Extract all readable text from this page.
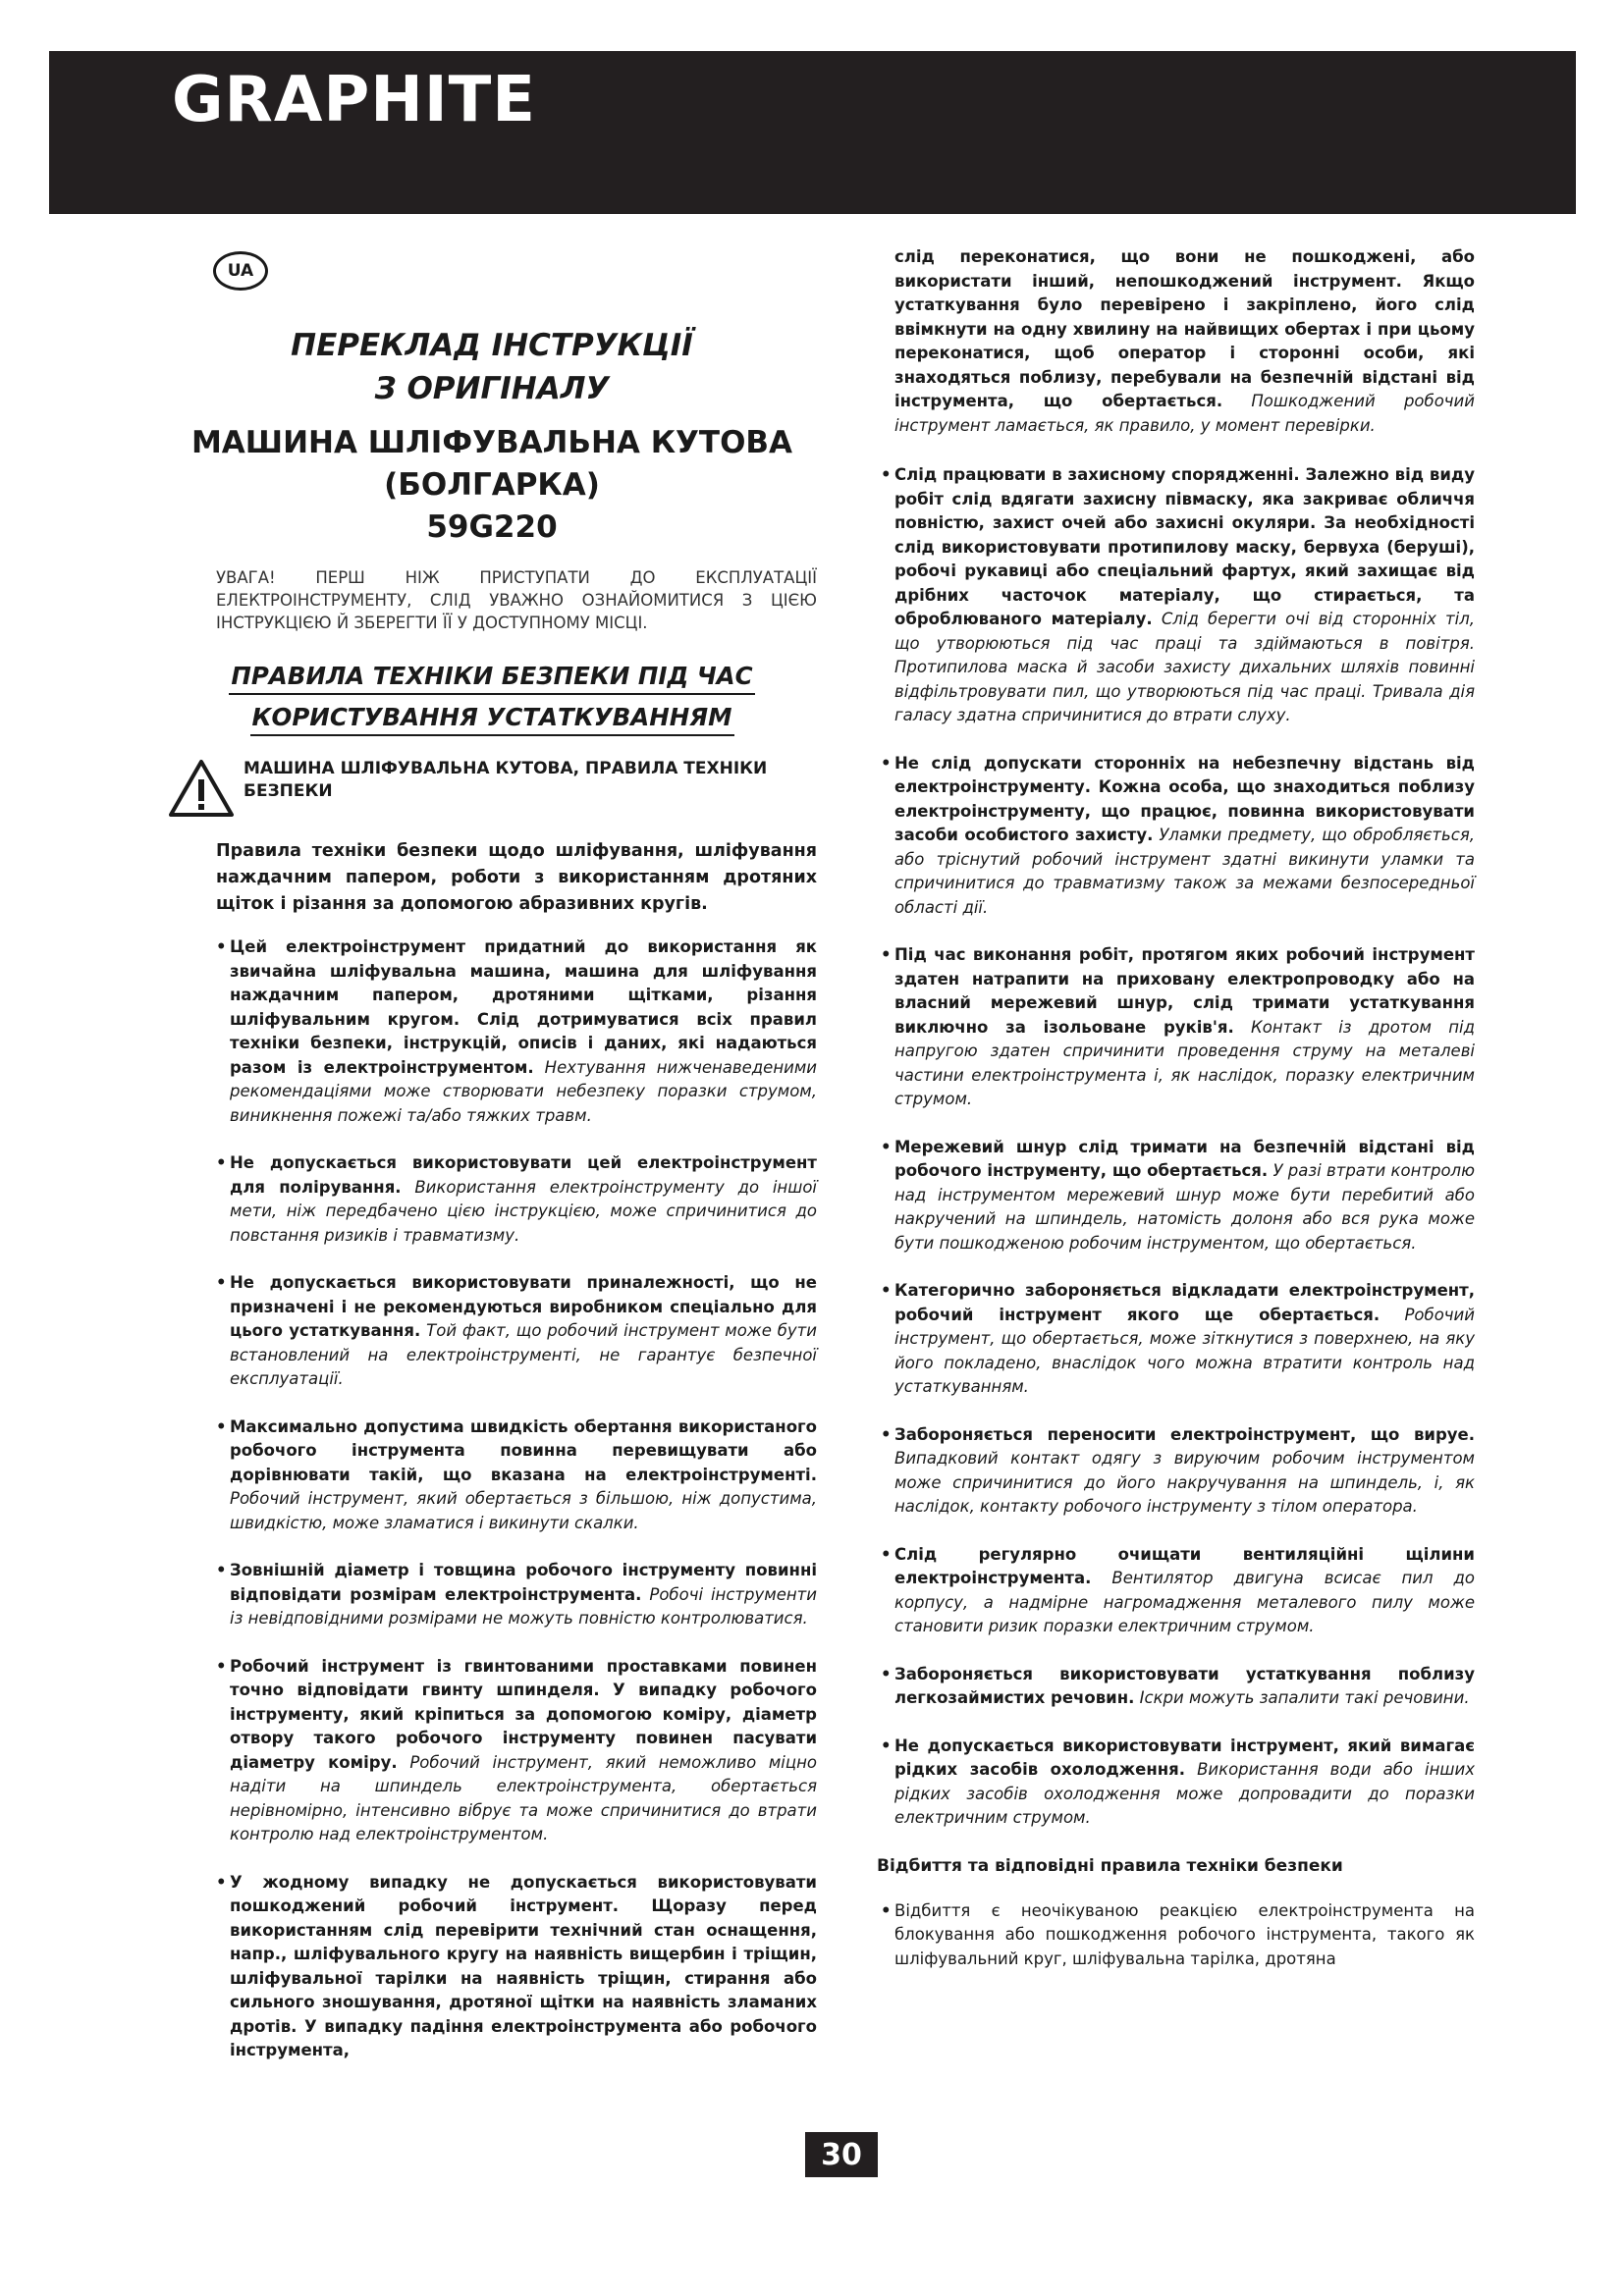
GRAPHITE
UA
ПЕРЕКЛАД ІНСТРУКЦІЇ
З ОРИГІНАЛУ
МАШИНА ШЛІФУВАЛЬНА КУТОВА
(БОЛГАРКА)
59G220
УВАГА! ПЕРШ НІЖ ПРИСТУПАТИ ДО ЕКСПЛУАТАЦІЇ ЕЛЕКТРОІНСТРУМЕНТУ, СЛІД УВАЖНО ОЗНАЙОМИТИСЯ З ЦІЄЮ ІНСТРУКЦІЄЮ Й ЗБЕРЕГТИ ЇЇ У ДОСТУПНОМУ МІСЦІ.
ПРАВИЛА ТЕХНІКИ БЕЗПЕКИ ПІД ЧАС
КОРИСТУВАННЯ УСТАТКУВАННЯМ
МАШИНА ШЛІФУВАЛЬНА КУТОВА, ПРАВИЛА ТЕХНІКИ БЕЗПЕКИ
Правила техніки безпеки щодо шліфування, шліфування наждачним папером, роботи з використанням дротяних щіток і різання за допомогою абразивних кругів.
• Цей електроінструмент придатний до використання як звичайна шліфувальна машина, машина для шліфування наждачним папером, дротяними щітками, різання шліфувальним кругом. Слід дотримуватися всіх правил техніки безпеки, інструкцій, описів і даних, які надаються разом із електроінструментом. Нехтування нижченаведеними рекомендаціями може створювати небезпеку поразки струмом, виникнення пожежі та/або тяжких травм.
• Не допускається використовувати цей електроінструмент для полірування. Використання електроінструменту до іншої мети, ніж передбачено цією інструкцією, може спричинитися до повстання ризиків і травматизму.
• Не допускається використовувати приналежності, що не призначені і не рекомендуються виробником спеціально для цього устаткування. Той факт, що робочий інструмент може бути встановлений на електроінструменті, не гарантує безпечної експлуатації.
• Максимально допустима швидкість обертання використаного робочого інструмента повинна перевищувати або дорівнювати такій, що вказана на електроінструменті. Робочий інструмент, який обертається з більшою, ніж допустима, швидкістю, може зламатися і викинути скалки.
• Зовнішній діаметр і товщина робочого інструменту повинні відповідати розмірам електроінструмента. Робочі інструменти із невідповідними розмірами не можуть повністю контролюватися.
• Робочий інструмент із гвинтованими проставками повинен точно відповідати гвинту шпинделя. У випадку робочого інструменту, який кріпиться за допомогою коміру, діаметр отвору такого робочого інструменту повинен пасувати діаметру коміру. Робочий інструмент, який неможливо міцно надіти на шпиндель електроінструмента, обертається нерівномірно, інтенсивно вібрує та може спричинитися до втрати контролю над електроінструментом.
• У жодному випадку не допускається використовувати пошкоджений робочий інструмент. Щоразу перед використанням слід перевірити технічний стан оснащення, напр., шліфувального кругу на наявність вищербин і тріщин, шліфувальної тарілки на наявність тріщин, стирання або сильного зношування, дротяної щітки на наявність зламаних дротів. У випадку падіння електроінструмента або робочого інструмента,
слід переконатися, що вони не пошкоджені, або використати інший, непошкоджений інструмент. Якщо устаткування було перевірено і закріплено, його слід ввімкнути на одну хвилину на найвищих обертах і при цьому переконатися, щоб оператор і сторонні особи, які знаходяться поблизу, перебували на безпечній відстані від інструмента, що обертається. Пошкоджений робочий інструмент ламається, як правило, у момент перевірки.
• Слід працювати в захисному спорядженні. Залежно від виду робіт слід вдягати захисну півмаску, яка закриває обличчя повністю, захист очей або захисні окуляри. За необхідності слід використовувати протипилову маску, бервуха (беруші), робочі рукавиці або спеціальний фартух, який захищає від дрібних часточок матеріалу, що стирається, та оброблюваного матеріалу. Слід берегти очі від сторонніх тіл, що утворюються під час праці та здіймаються в повітря. Протипилова маска й засоби захисту дихальних шляхів повинні відфільтровувати пил, що утворюються під час праці. Тривала дія галасу здатна спричинитися до втрати слуху.
• Не слід допускати сторонніх на небезпечну відстань від електроінструменту. Кожна особа, що знаходиться поблизу електроінструменту, що працює, повинна використовувати засоби особистого захисту. Уламки предмету, що обробляється, або тріснутий робочий інструмент здатні викинути уламки та спричинитися до травматизму також за межами безпосередньої області дії.
• Під час виконання робіт, протягом яких робочий інструмент здатен натрапити на приховану електропроводку або на власний мережевий шнур, слід тримати устаткування виключно за ізольоване руків'я. Контакт із дротом під напругою здатен спричинити проведення струму на металеві частини електроінструмента і, як наслідок, поразку електричним струмом.
• Мережевий шнур слід тримати на безпечній відстані від робочого інструменту, що обертається. У разі втрати контролю над інструментом мережевий шнур може бути перебитий або накручений на шпиндель, натомість долоня або вся рука може бути пошкодженою робочим інструментом, що обертається.
• Категорично забороняється відкладати електроінструмент, робочий інструмент якого ще обертається. Робочий інструмент, що обертається, може зіткнутися з поверхнею, на яку його покладено, внаслідок чого можна втратити контроль над устаткуванням.
• Забороняється переносити електроінструмент, що вируе. Випадковий контакт одягу з вируючим робочим інструментом може спричинитися до його накручування на шпиндель, і, як наслідок, контакту робочого інструменту з тілом оператора.
• Слід регулярно очищати вентиляційні щілини електроінструмента. Вентилятор двигуна всисає пил до корпусу, а надмірне нагромадження металевого пилу може становити ризик поразки електричним струмом.
• Забороняється використовувати устаткування поблизу легкозаймистих речовин. Іскри можуть запалити такі речовини.
• Не допускається використовувати інструмент, який вимагає рідких засобів охолодження. Використання води або інших рідких засобів охолодження може допровадити до поразки електричним струмом.
Відбиття та відповідні правила техніки безпеки
• Відбиття є неочікуваною реакцією електроінструмента на блокування або пошкодження робочого інструмента, такого як шліфувальний круг, шліфувальна тарілка, дротяна
30
